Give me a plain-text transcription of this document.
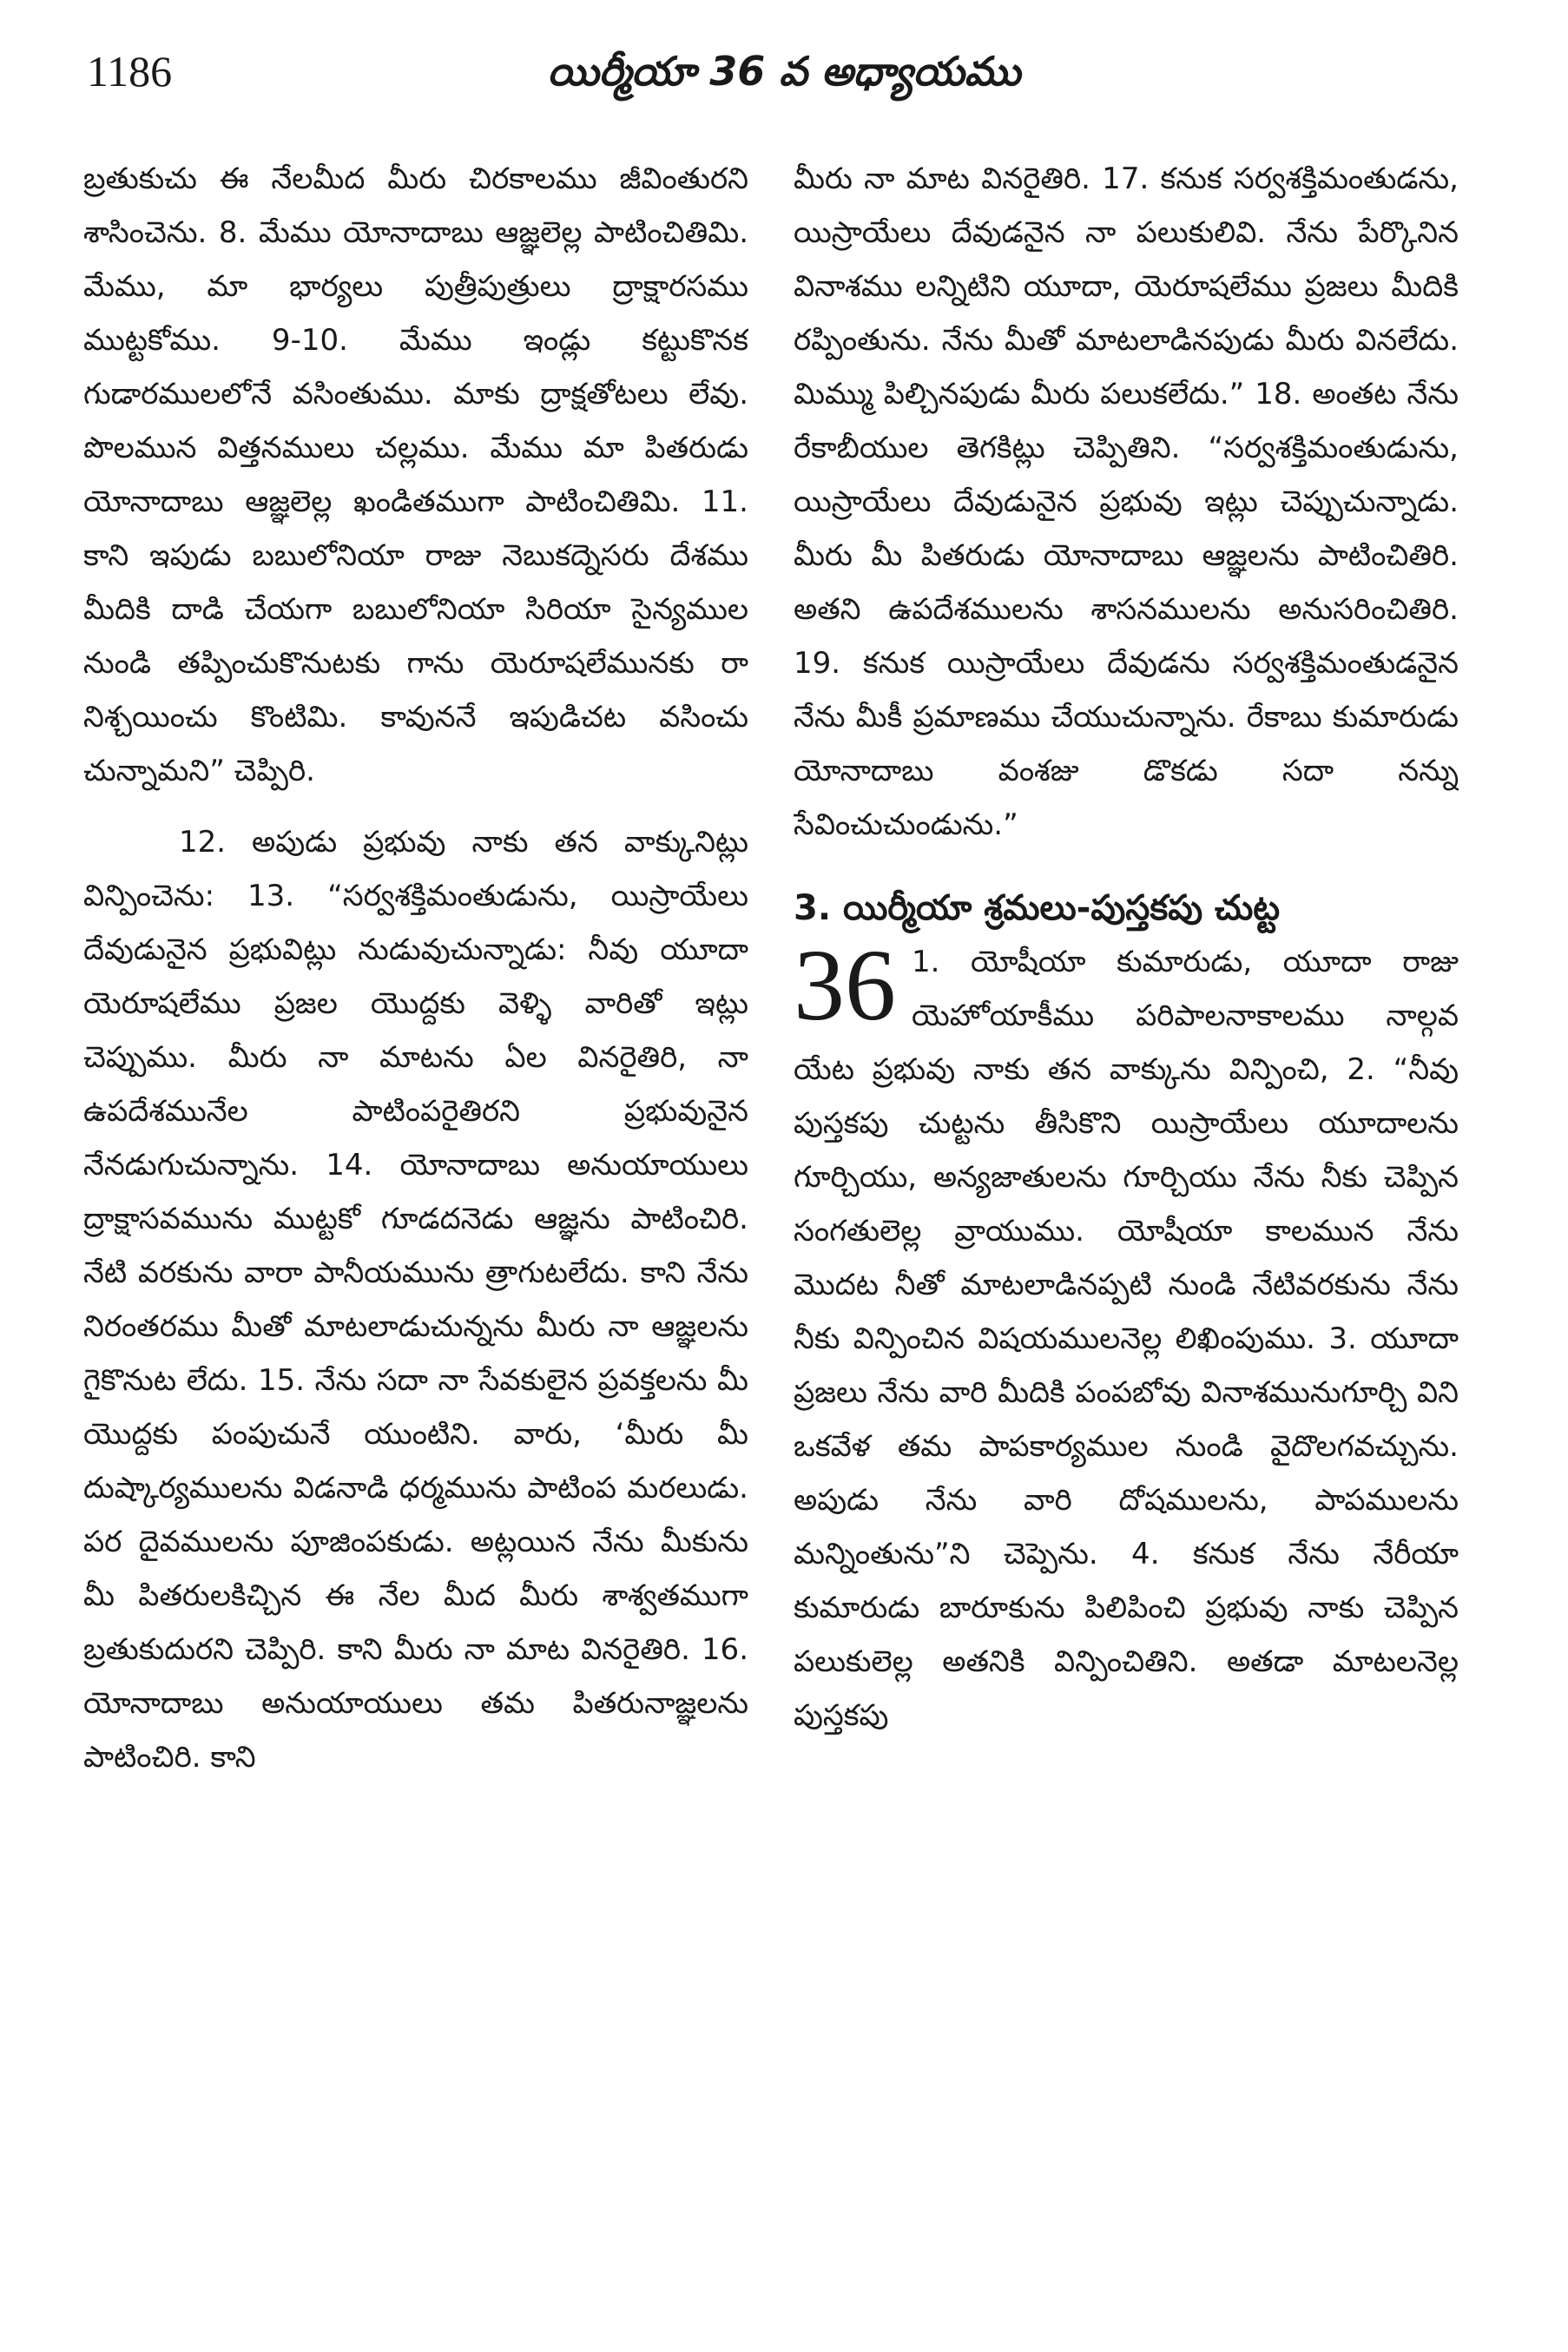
1186	యిర్మీయా 36 వ అధ్యాయము

బ్రతుకుచు ఈ నేలమీద మీరు చిరకాలము జీవింతురని శాసించెను. 8. మేము యోనాదాబు ఆజ్ఞలెల్ల పాటించితిమి. మేము, మా భార్యలు పుత్రీపుత్రులు ద్రాక్షారసము ముట్టకోము. 9-10. మేము ఇండ్లు కట్టుకొనక గుడారములలోనే వసింతుము. మాకు ద్రాక్షతోటలు లేవు. పొలమున విత్తనములు చల్లము. మేము మా పితరుడు యోనాదాబు ఆజ్ఞలెల్ల ఖండితముగా పాటించితిమి. 11. కాని ఇపుడు బబులోనియా రాజు నెబుకద్నెసరు దేశము మీదికి దాడి చేయగా బబులోనియా సిరియా సైన్యముల నుండి తప్పించుకొనుటకు గాను యెరూషలేమునకు రా నిశ్చయించు కొంటిమి. కావుననే ఇపుడిచట వసించు చున్నామని” చెప్పిరి.

12. అపుడు ప్రభువు నాకు తన వాక్కునిట్లు విన్పించెను: 13. “సర్వశక్తిమంతుడును, యిస్రాయేలు దేవుడునైన ప్రభువిట్లు నుడువుచున్నాడు: నీవు యూదా యెరూషలేము ప్రజల యొద్దకు వెళ్ళి వారితో ఇట్లు చెప్పుము. మీరు నా మాటను ఏల వినరైతిరి, నా ఉపదేశమునేల పాటింపరైతిరని ప్రభువునైన నేనడుగుచున్నాను. 14. యోనాదాబు అనుయాయులు ద్రాక్షాసవమును ముట్టకో గూడదనెడు ఆజ్ఞను పాటించిరి. నేటి వరకును వారా పానీయమును త్రాగుటలేదు. కాని నేను నిరంతరము మీతో మాటలాడుచున్నను మీరు నా ఆజ్ఞలను గైకొనుట లేదు. 15. నేను సదా నా సేవకులైన ప్రవక్తలను మీ యొద్దకు పంపుచునే యుంటిని. వారు, ‘మీరు మీ దుష్కార్యములను విడనాడి ధర్మమును పాటింప మరలుడు. పర దైవములను పూజింపకుడు. అట్లయిన నేను మీకును మీ పితరులకిచ్చిన ఈ నేల మీద మీరు శాశ్వతముగా బ్రతుకుదురని చెప్పిరి. కాని మీరు నా మాట వినరైతిరి. 16. యోనాదాబు అనుయాయులు తమ పితరునాజ్ఞలను పాటించిరి. కాని

మీరు నా మాట వినరైతిరి. 17. కనుక సర్వశక్తిమంతుడను, యిస్రాయేలు దేవుడనైన నా పలుకులివి. నేను పేర్కొనిన వినాశము లన్నిటిని యూదా, యెరూషలేము ప్రజలు మీదికి రప్పింతును. నేను మీతో మాటలాడినపుడు మీరు వినలేదు. మిమ్ము పిల్చినపుడు మీరు పలుకలేదు.” 18. అంతట నేను రేకాబీయుల తెగకిట్లు చెప్పితిని. “సర్వశక్తిమంతుడును, యిస్రాయేలు దేవుడునైన ప్రభువు ఇట్లు చెప్పుచున్నాడు. మీరు మీ పితరుడు యోనాదాబు ఆజ్ఞలను పాటించితిరి. అతని ఉపదేశములను శాసనములను అనుసరించితిరి. 19. కనుక యిస్రాయేలు దేవుడను సర్వశక్తిమంతుడనైన నేను మీకీ ప్రమాణము చేయుచున్నాను. రేకాబు కుమారుడు యోనాదాబు వంశజు డొకడు సదా నన్ను సేవించుచుండును.”

3. యిర్మీయా శ్రమలు-పుస్తకపు చుట్ట
36 1. యోషీయా కుమారుడు, యూదా రాజు యెహోయాకీము పరిపాలనాకాలము నాల్గవ యేట ప్రభువు నాకు తన వాక్కును విన్పించి, 2. “నీవు పుస్తకపు చుట్టను తీసికొని యిస్రాయేలు యూదాలను గూర్చియు, అన్యజాతులను గూర్చియు నేను నీకు చెప్పిన సంగతులెల్ల వ్రాయుము. యోషీయా కాలమున నేను మొదట నీతో మాటలాడినప్పటి నుండి నేటివరకును నేను నీకు విన్పించిన విషయములనెల్ల లిఖింపుము. 3. యూదా ప్రజలు నేను వారి మీదికి పంపబోవు వినాశమునుగూర్చి విని ఒకవేళ తమ పాపకార్యముల నుండి వైదొలగవచ్చును. అపుడు నేను వారి దోషములను, పాపములను మన్నింతును”ని చెప్పెను. 4. కనుక నేను నేరీయా కుమారుడు బారూకును పిలిపించి ప్రభువు నాకు చెప్పిన పలుకులెల్ల అతనికి విన్పించితిని. అతడా మాటలనెల్ల పుస్తకపు
